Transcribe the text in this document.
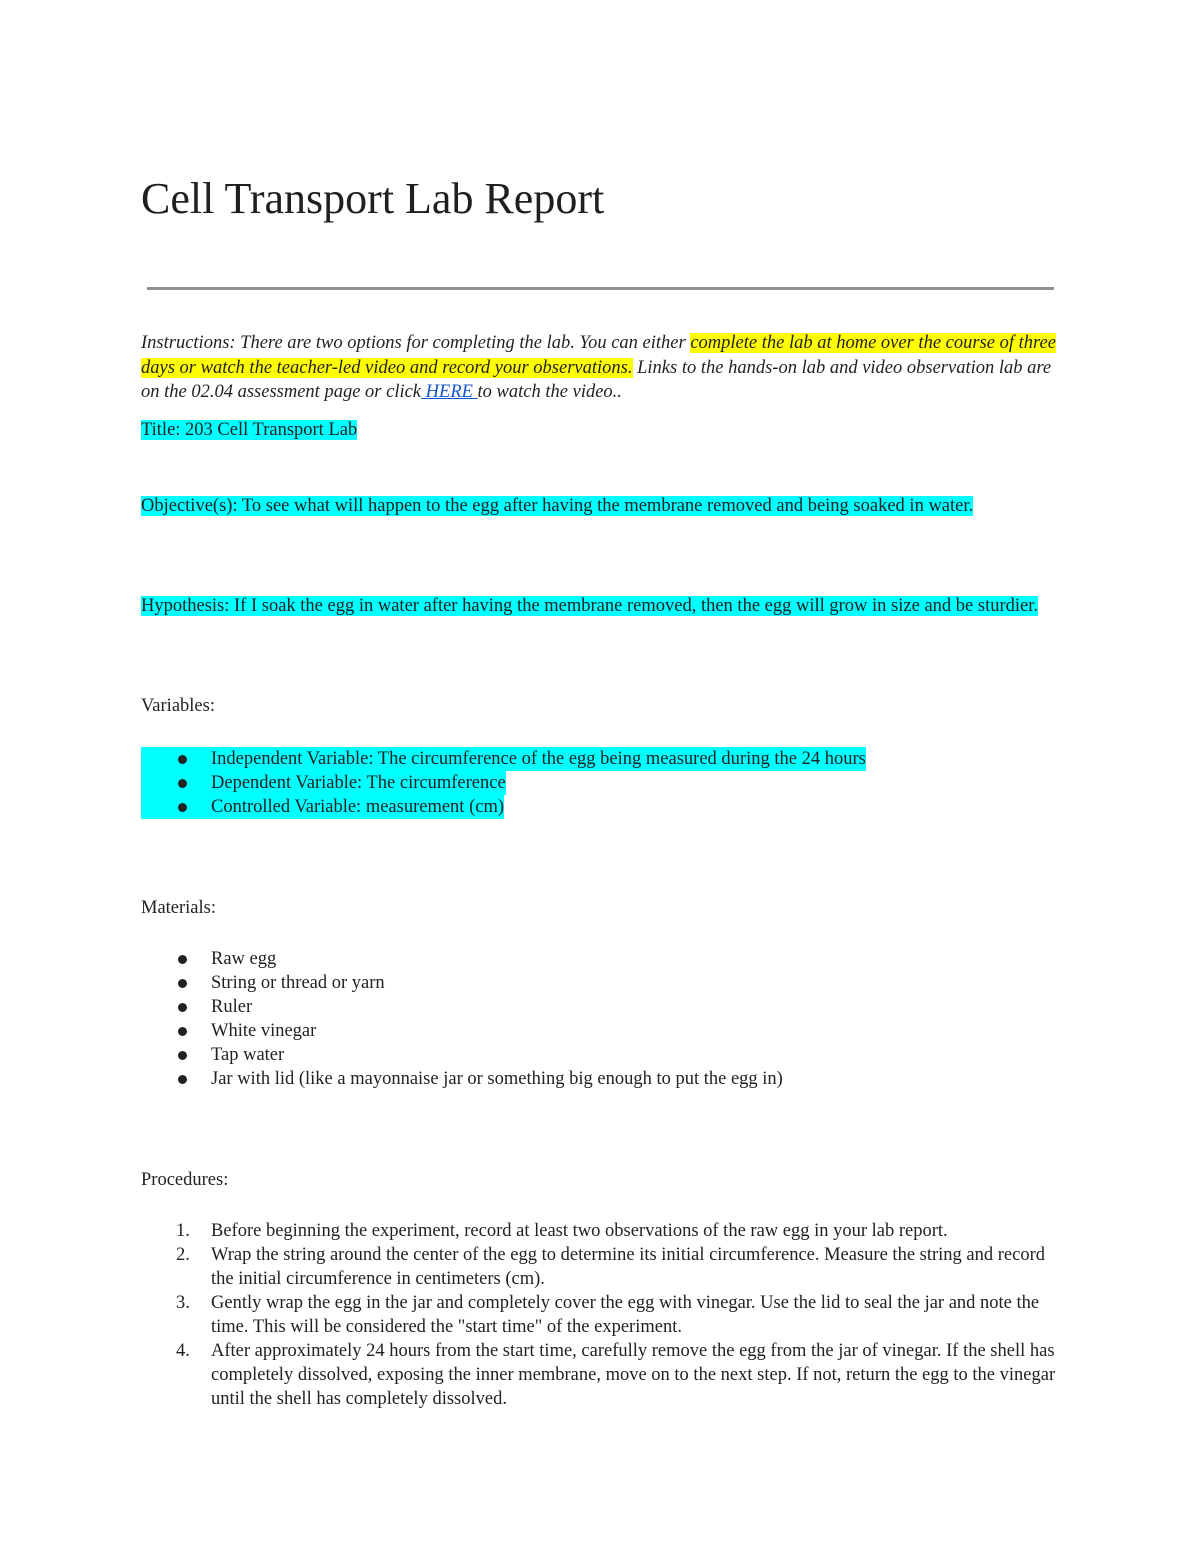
Cell Transport Lab Report

Instructions: There are two options for completing the lab. You can either complete the lab at home over the course of three days or watch the teacher-led video and record your observations. Links to the hands-on lab and video observation lab are on the 02.04 assessment page or click HERE to watch the video..

Title: 203 Cell Transport Lab

Objective(s): To see what will happen to the egg after having the membrane removed and being soaked in water.

Hypothesis: If I soak the egg in water after having the membrane removed, then the egg will grow in size and be sturdier.

Variables:

Independent Variable: The circumference of the egg being measured during the 24 hours
Dependent Variable: The circumference
Controlled Variable: measurement (cm)

Materials:

Raw egg
String or thread or yarn
Ruler
White vinegar
Tap water
Jar with lid (like a mayonnaise jar or something big enough to put the egg in)

Procedures:

1. Before beginning the experiment, record at least two observations of the raw egg in your lab report.
2. Wrap the string around the center of the egg to determine its initial circumference. Measure the string and record the initial circumference in centimeters (cm).
3. Gently wrap the egg in the jar and completely cover the egg with vinegar. Use the lid to seal the jar and note the time. This will be considered the "start time" of the experiment.
4. After approximately 24 hours from the start time, carefully remove the egg from the jar of vinegar. If the shell has completely dissolved, exposing the inner membrane, move on to the next step. If not, return the egg to the vinegar until the shell has completely dissolved.
